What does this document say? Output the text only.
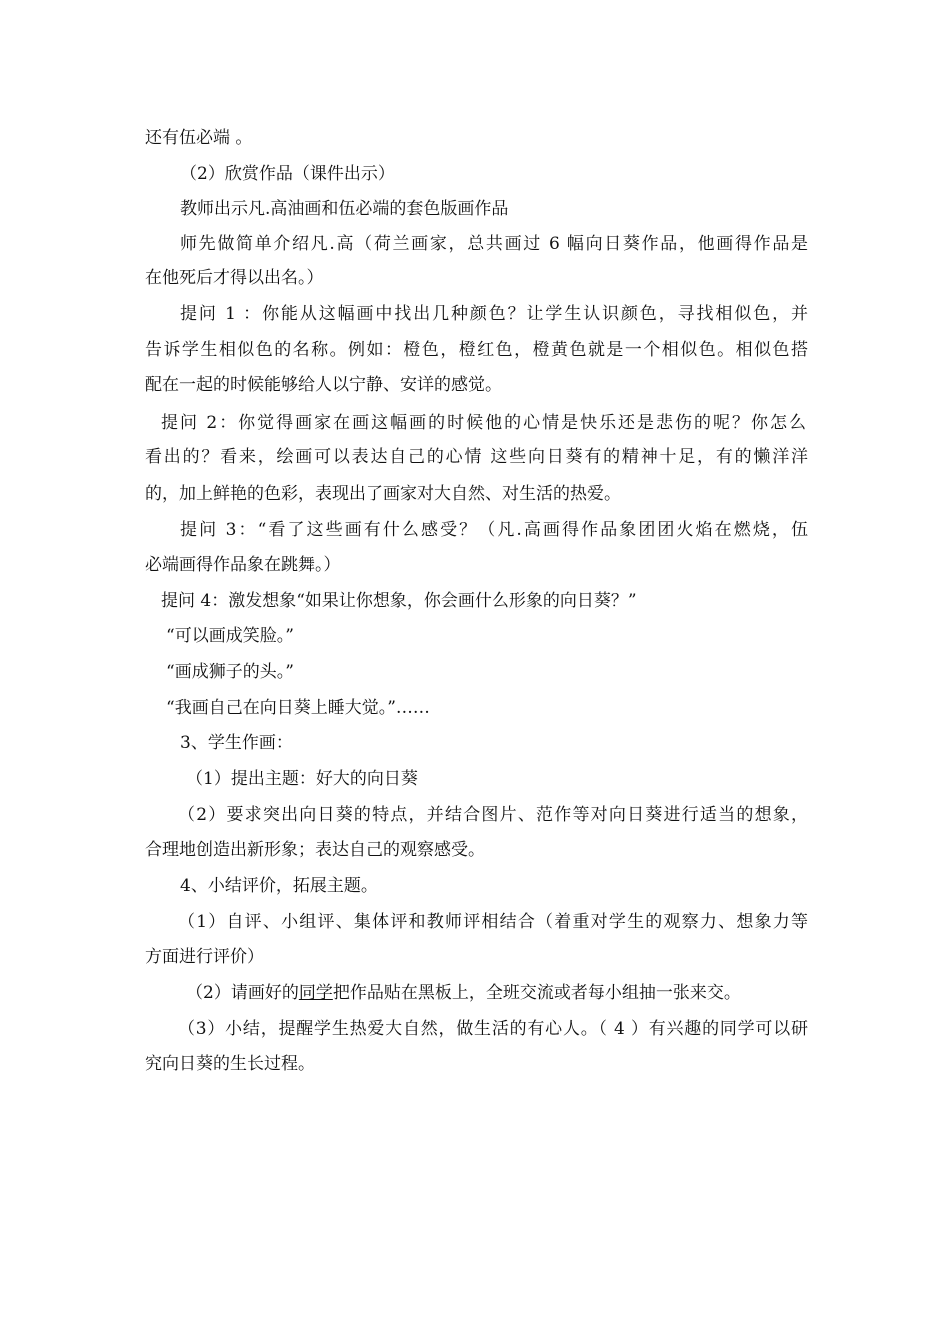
还有伍必端 。
（2）欣赏作品（课件出示）
教师出示凡.高油画和伍必端的套色版画作品
师先做简单介绍凡.高（荷兰画家，总共画过 6 幅向日葵作品，他画得作品是
在他死后才得以出名。）
提问 1 ：你能从这幅画中找出几种颜色？让学生认识颜色，寻找相似色，并
告诉学生相似色的名称。例如：橙色，橙红色，橙黄色就是一个相似色。相似色搭
配在一起的时候能够给人以宁静、安详的感觉。
提问 2：你觉得画家在画这幅画的时候他的心情是快乐还是悲伤的呢？你怎么
看出的？看来，绘画可以表达自己的心情 这些向日葵有的精神十足，有的懒洋洋
的，加上鲜艳的色彩，表现出了画家对大自然、对生活的热爱。
提问 3：“看了这些画有什么感受？（凡.高画得作品象团团火焰在燃烧，伍
必端画得作品象在跳舞。）
提问 4：激发想象“如果让你想象，你会画什么形象的向日葵？”
“可以画成笑脸。”
“画成狮子的头。”
“我画自己在向日葵上睡大觉。”……
3、学生作画：
（1）提出主题：好大的向日葵
（2）要求突出向日葵的特点，并结合图片、范作等对向日葵进行适当的想象，
合理地创造出新形象；表达自己的观察感受。
4、小结评价，拓展主题。
（1）自评、小组评、集体评和教师评相结合（着重对学生的观察力、想象力等
方面进行评价）
（2）请画好的同学把作品贴在黑板上，全班交流或者每小组抽一张来交。
（3）小结，提醒学生热爱大自然，做生活的有心人。（ 4 ）有兴趣的同学可以研
究向日葵的生长过程。
